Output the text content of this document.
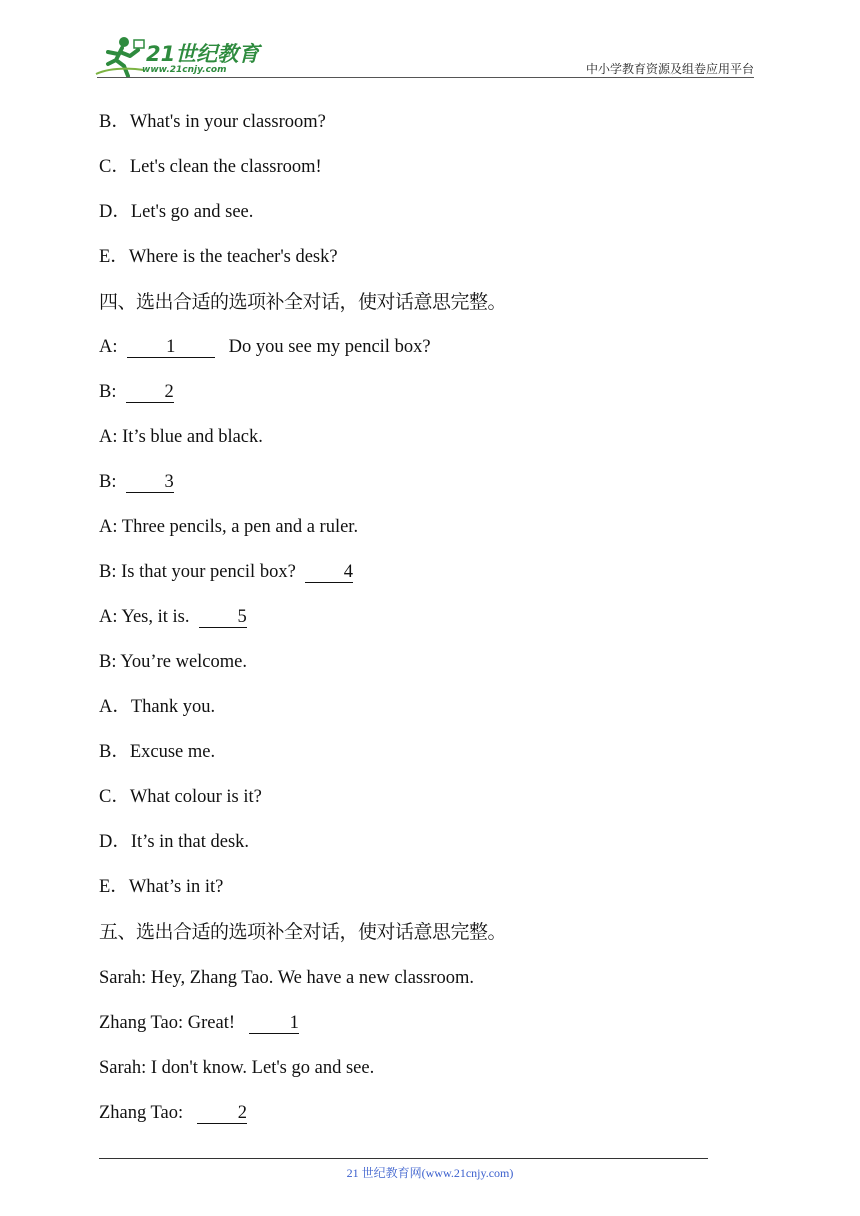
21世纪教育
www.21cnjy.com	中小学教育资源及组卷应用平台
B．What's in your classroom?
C．Let's clean the classroom!
D．Let's go and see.
E．Where is the teacher's desk?
四、选出合适的选项补全对话，使对话意思完整。
A:	1	Do you see my pencil box?
B:	2
A: It’s blue and black.
B:	3
A: Three pencils, a pen and a ruler.
B: Is that your pencil box?	4
A: Yes, it is.	5
B: You’re welcome.
A．Thank you.
B．Excuse me.
C．What colour is it?
D．It’s in that desk.
E．What’s in it?
五、选出合适的选项补全对话，使对话意思完整。
Sarah: Hey, Zhang Tao. We have a new classroom.
Zhang Tao: Great!	1
Sarah: I don't know. Let's go and see.
Zhang Tao:	2
21 世纪教育网(www.21cnjy.com)
